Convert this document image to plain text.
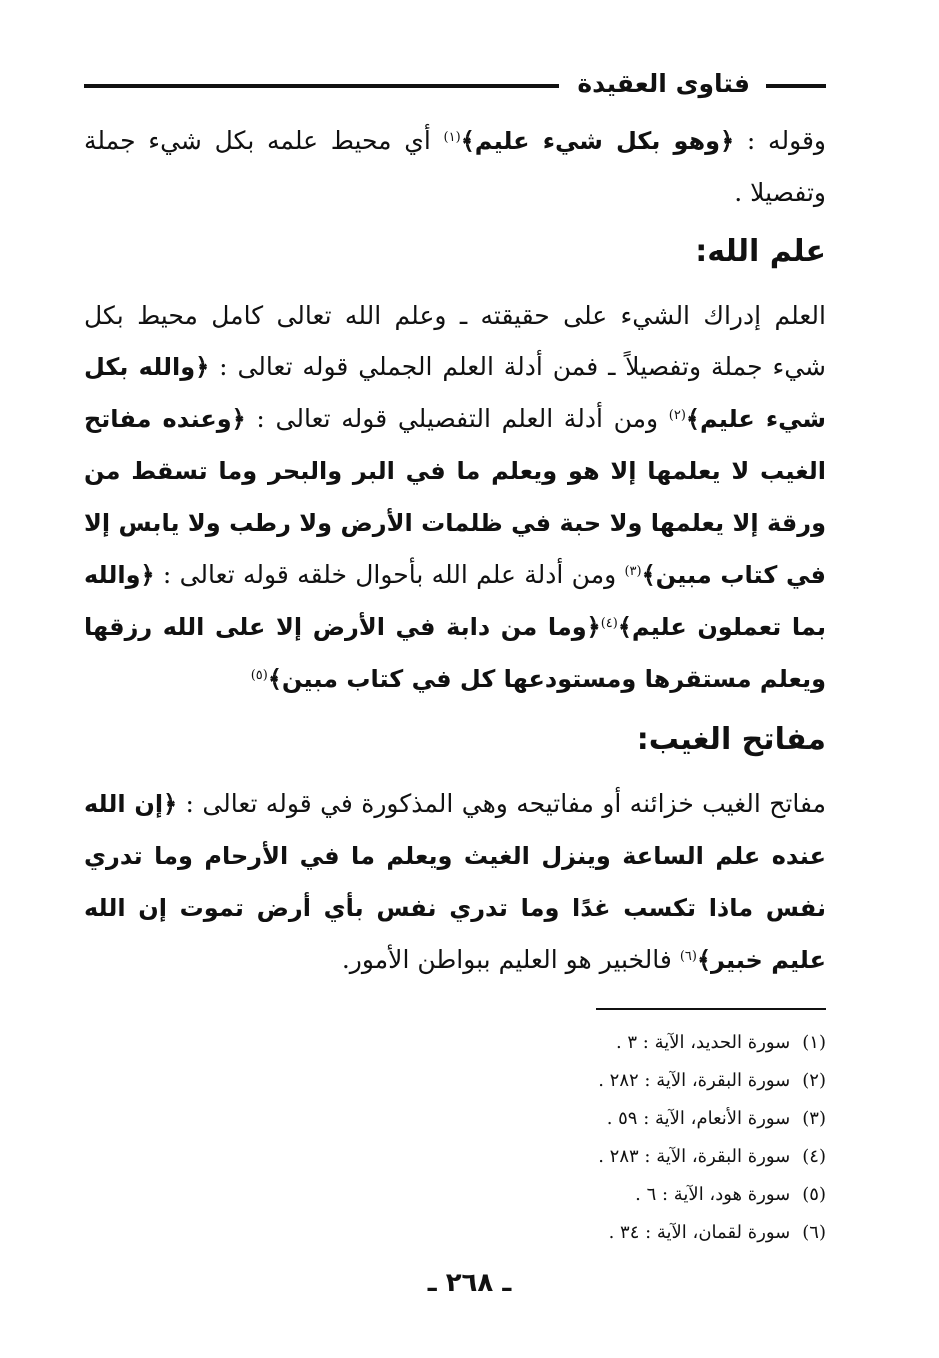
فتاوى العقيدة
وقوله : ﴿وهو بكل شيء عليم﴾$^{(١)}$ أي محيط علمه بكل شيء جملة وتفصيلا .
علم الله:
العلم إدراك الشيء على حقيقته ـ وعلم الله تعالى كامل محيط بكل شيء جملة وتفصيلاً ـ فمن أدلة العلم الجملي قوله تعالى : ﴿والله بكل شيء عليم﴾$^{(٢)}$ ومن أدلة العلم التفصيلي قوله تعالى : ﴿وعنده مفاتح الغيب لا يعلمها إلا هو ويعلم ما في البر والبحر وما تسقط من ورقة إلا يعلمها ولا حبة في ظلمات الأرض ولا رطب ولا يابس إلا في كتاب مبين﴾$^{(٣)}$ ومن أدلة علم الله بأحوال خلقه قوله تعالى : ﴿والله بما تعملون عليم﴾$^{(٤)}$﴿وما من دابة في الأرض إلا على الله رزقها ويعلم مستقرها ومستودعها كل في كتاب مبين﴾$^{(٥)}$
مفاتح الغيب:
مفاتح الغيب خزائنه أو مفاتيحه وهي المذكورة في قوله تعالى : ﴿إن الله عنده علم الساعة وينزل الغيث ويعلم ما في الأرحام وما تدري نفس ماذا تكسب غدًا وما تدري نفس بأي أرض تموت إن الله عليم خبير﴾$^{(٦)}$ فالخبير هو العليم ببواطن الأمور.
(١)سورة الحديد، الآية : ٣ .
(٢)سورة البقرة، الآية : ٢٨٢ .
(٣)سورة الأنعام، الآية : ٥٩ .
(٤)سورة البقرة، الآية : ٢٨٣ .
(٥)سورة هود، الآية : ٦ .
(٦)سورة لقمان، الآية : ٣٤ .
ـ ٢٦٨ ـ
